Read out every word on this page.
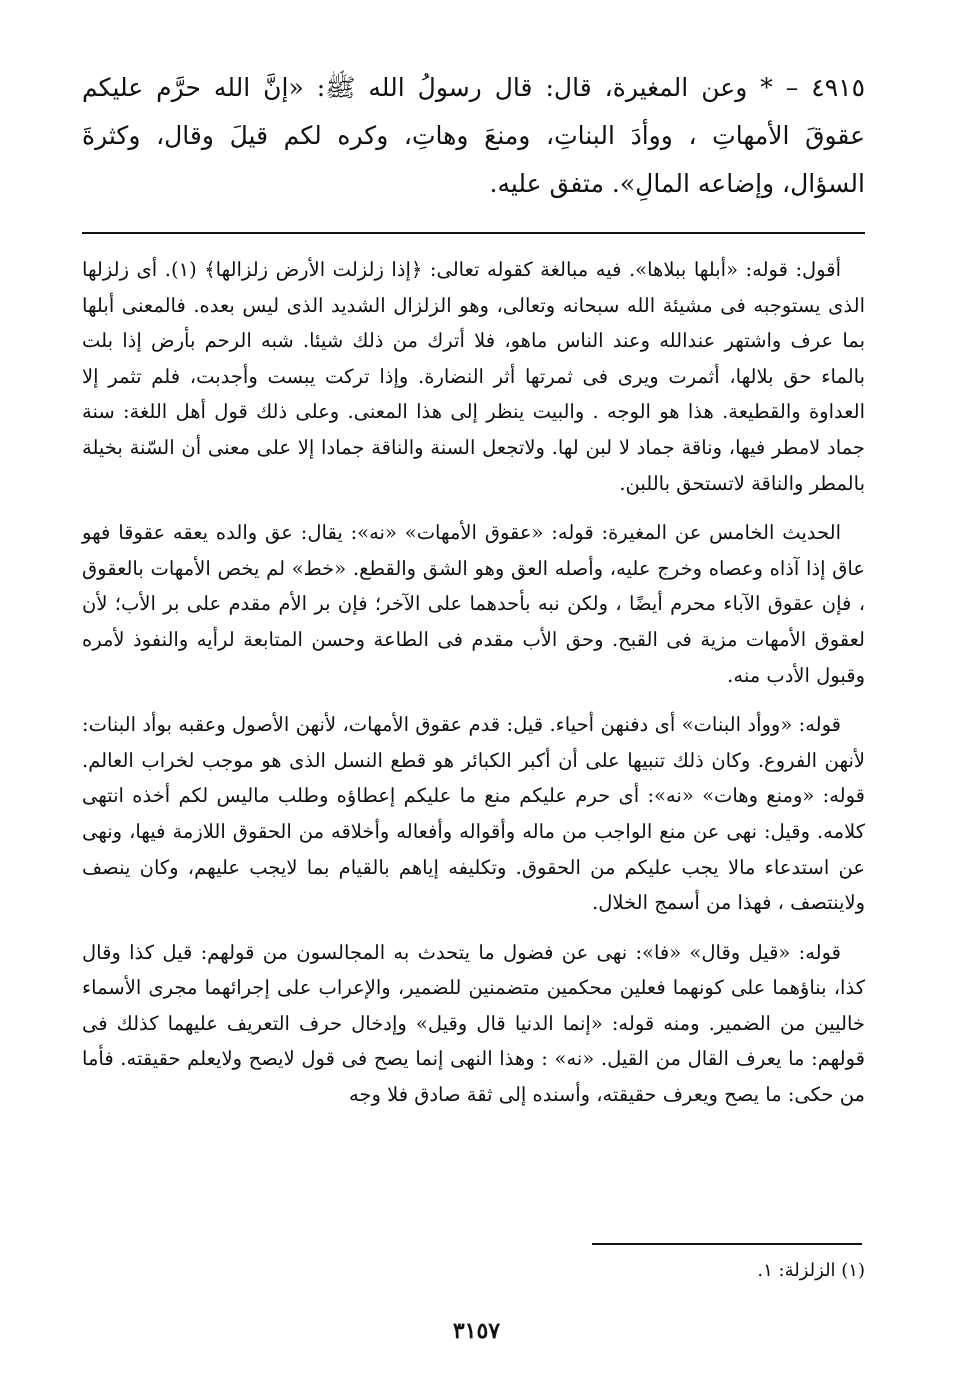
٤٩١٥ – * وعن المغيرة، قال: قال رسولُ الله ﷺ: «إنَّ الله حرَّم عليكم عقوقَ الأمهاتِ ، ووأدَ البناتِ، ومنعَ وهاتِ، وكره لكم قيلَ وقال، وكثرةَ السؤال، وإضاعه المالِ». متفق عليه.

أقول: قوله: «أبلها ببلاها». فيه مبالغة كقوله تعالى: ﴿إذا زلزلت الأرض زلزالها﴾ (١). أى زلزلها الذى يستوجبه فى مشيئة الله سبحانه وتعالى، وهو الزلزال الشديد الذى ليس بعده. فالمعنى أبلها بما عرف واشتهر عندالله وعند الناس ماهو، فلا أترك من ذلك شيئا. شبه الرحم بأرض إذا بلت بالماء حق بلالها، أثمرت ويرى فى ثمرتها أثر النضارة. وإذا تركت يبست وأجدبت، فلم تثمر إلا العداوة والقطيعة. هذا هو الوجه . والبيت ينظر إلى هذا المعنى. وعلى ذلك قول أهل اللغة: سنة جماد لامطر فيها، وناقة جماد لا لبن لها. ولاتجعل السنة والناقة جمادا إلا على معنى أن السّنة بخيلة بالمطر والناقة لاتستحق باللبن.

الحديث الخامس عن المغيرة: قوله: «عقوق الأمهات» «نه»: يقال: عق والده يعقه عقوقا فهو عاق إذا آذاه وعصاه وخرج عليه، وأصله العق وهو الشق والقطع. «خط» لم يخص الأمهات بالعقوق ، فإن عقوق الآباء محرم أيضًا ، ولكن نبه بأحدهما على الآخر؛ فإن بر الأم مقدم على بر الأب؛ لأن لعقوق الأمهات مزية فى القبح. وحق الأب مقدم فى الطاعة وحسن المتابعة لرأيه والنفوذ لأمره وقبول الأدب منه.

قوله: «ووأد البنات» أى دفنهن أحياء. قيل: قدم عقوق الأمهات، لأنهن الأصول وعقبه بوأد البنات: لأنهن الفروع. وكان ذلك تنبيها على أن أكبر الكبائر هو قطع النسل الذى هو موجب لخراب العالم. قوله: «ومنع وهات» «نه»: أى حرم عليكم منع ما عليكم إعطاؤه وطلب ماليس لكم أخذه انتهى كلامه. وقيل: نهى عن منع الواجب من ماله وأقواله وأفعاله وأخلاقه من الحقوق اللازمة فيها، ونهى عن استدعاء مالا يجب عليكم من الحقوق. وتكليفه إياهم بالقيام بما لايجب عليهم، وكان ينصف ولاينتصف ، فهذا من أسمج الخلال.

قوله: «قيل وقال» «فا»: نهى عن فضول ما يتحدث به المجالسون من قولهم: قيل كذا وقال كذا، بناؤهما على كونهما فعلين محكمين متضمنين للضمير، والإعراب على إجرائهما مجرى الأسماء خاليين من الضمير. ومنه قوله: «إنما الدنيا قال وقيل» وإدخال حرف التعريف عليهما كذلك فى قولهم: ما يعرف القال من القيل. «نه» : وهذا النهى إنما يصح فى قول لايصح ولايعلم حقيقته. فأما من حكى: ما يصح ويعرف حقيقته، وأسنده إلى ثقة صادق فلا وجه

(١) الزلزلة: ١.
٣١٥٧
